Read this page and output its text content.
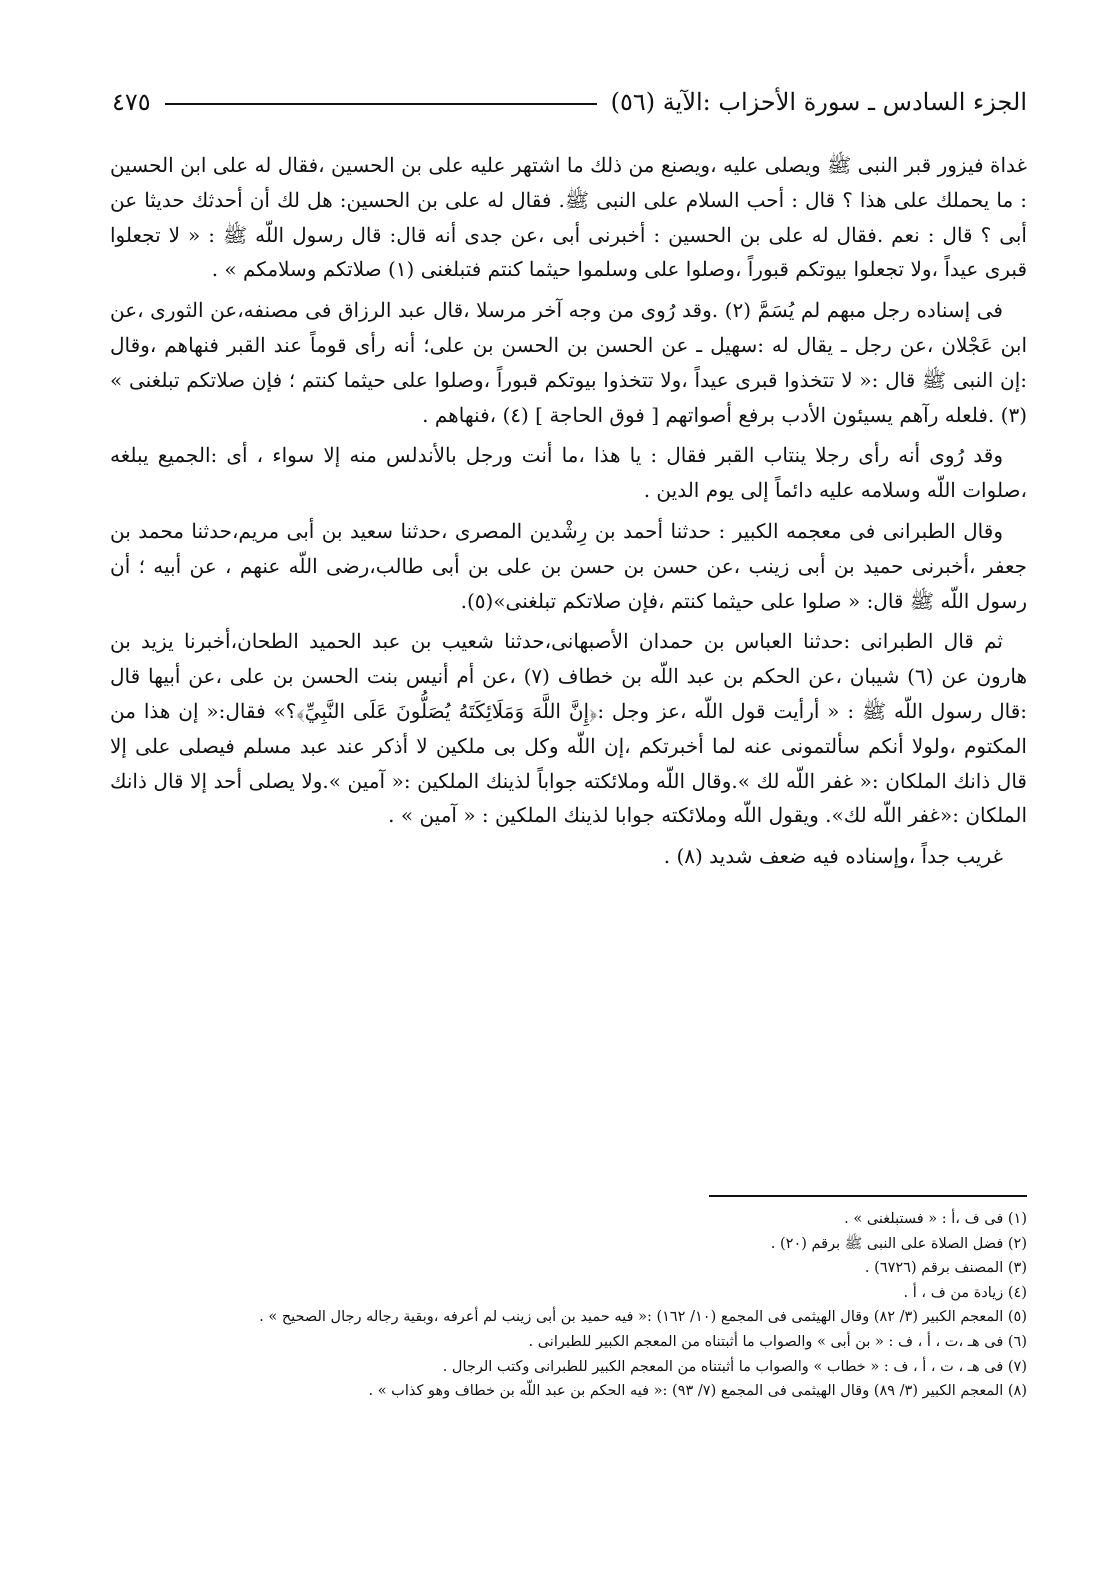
الجزء السادس ـ سورة الأحزاب :الآية (٥٦)
٤٧٥

غداة فيزور قبر النبى ﷺ ويصلى عليه ،ويصنع من ذلك ما اشتهر عليه على بن الحسين ،فقال له على ابن الحسين : ما يحملك على هذا ؟ قال : أحب السلام على النبى ﷺ. فقال له على بن الحسين: هل لك أن أحدثك حديثا عن أبى ؟ قال : نعم .فقال له على بن الحسين : أخبرنى أبى ،عن جدى أنه قال: قال رسول اللّه ﷺ : « لا تجعلوا قبرى عيداً ،ولا تجعلوا بيوتكم قبوراً ،وصلوا على وسلموا حيثما كنتم فتبلغنى (١) صلاتكم وسلامكم » .

فى إسناده رجل مبهم لم يُسَمَّ (٢) .وقد رُوى من وجه آخر مرسلا ،قال عبد الرزاق فى مصنفه،عن الثورى ،عن ابن عَجْلان ،عن رجل ـ يقال له :سهيل ـ عن الحسن بن الحسن بن على؛ أنه رأى قوماً عند القبر فنهاهم ،وقال :إن النبى ﷺ قال :« لا تتخذوا قبرى عيداً ،ولا تتخذوا بيوتكم قبوراً ،وصلوا على حيثما كنتم ؛ فإن صلاتكم تبلغنى » (٣) .فلعله رآهم يسيئون الأدب برفع أصواتهم [ فوق الحاجة ] (٤) ،فنهاهم .

وقد رُوى أنه رأى رجلا ينتاب القبر فقال : يا هذا ،ما أنت ورجل بالأندلس منه إلا سواء ، أى :الجميع يبلغه ،صلوات اللّه وسلامه عليه دائماً إلى يوم الدين .

وقال الطبرانى فى معجمه الكبير : حدثنا أحمد بن رِشْدين المصرى ،حدثنا سعيد بن أبى مريم،حدثنا محمد بن جعفر ،أخبرنى حميد بن أبى زينب ،عن حسن بن حسن بن على بن أبى طالب،رضى اللّه عنهم ، عن أبيه ؛ أن رسول اللّه ﷺ قال: « صلوا على حيثما كنتم ،فإن صلاتكم تبلغنى»(٥).

ثم قال الطبرانى :حدثنا العباس بن حمدان الأصبهانى،حدثنا شعيب بن عبد الحميد الطحان،أخبرنا يزيد بن هارون عن (٦) شيبان ،عن الحكم بن عبد اللّه بن خطاف (٧) ،عن أم أنيس بنت الحسن بن على ،عن أبيها قال :قال رسول اللّه ﷺ : « أرأيت قول اللّه ،عز وجل :﴿إِنَّ اللَّهَ وَمَلَائِكَتَهُ يُصَلُّونَ عَلَى النَّبِيِّ﴾؟» فقال:« إن هذا من المكتوم ،ولولا أنكم سألتمونى عنه لما أخبرتكم ،إن اللّه وكل بى ملكين لا أذكر عند عبد مسلم فيصلى على إلا قال ذانك الملكان :« غفر اللّه لك ».وقال اللّه وملائكته جواباً لذينك الملكين :« آمين ».ولا يصلى أحد إلا قال ذانك الملكان :«غفر اللّه لك». ويقول اللّه وملائكته جوابا لذينك الملكين : « آمين » .

غريب جداً ،وإسناده فيه ضعف شديد (٨) .

(١) فى ف ،أ : « فستبلغنى » .
(٢) فضل الصلاة على النبى ﷺ برقم (٢٠) .
(٣) المصنف برقم (٦٧٢٦) .
(٤) زيادة من ف ، أ .
(٥) المعجم الكبير (٣/ ٨٢) وقال الهيثمى فى المجمع (١٠/ ١٦٢) :« فيه حميد بن أبى زينب لم أعرفه ،وبقية رجاله رجال الصحيح » .
(٦) فى هـ ،ت ، أ ، ف : « بن أبى » والصواب ما أثبتناه من المعجم الكبير للطبرانى .
(٧) فى هـ ، ت ، أ ، ف : « خطاب » والصواب ما أثبتناه من المعجم الكبير للطبرانى وكتب الرجال .
(٨) المعجم الكبير (٣/ ٨٩) وقال الهيثمى فى المجمع (٧/ ٩٣) :« فيه الحكم بن عبد اللّه بن خطاف وهو كذاب » .
